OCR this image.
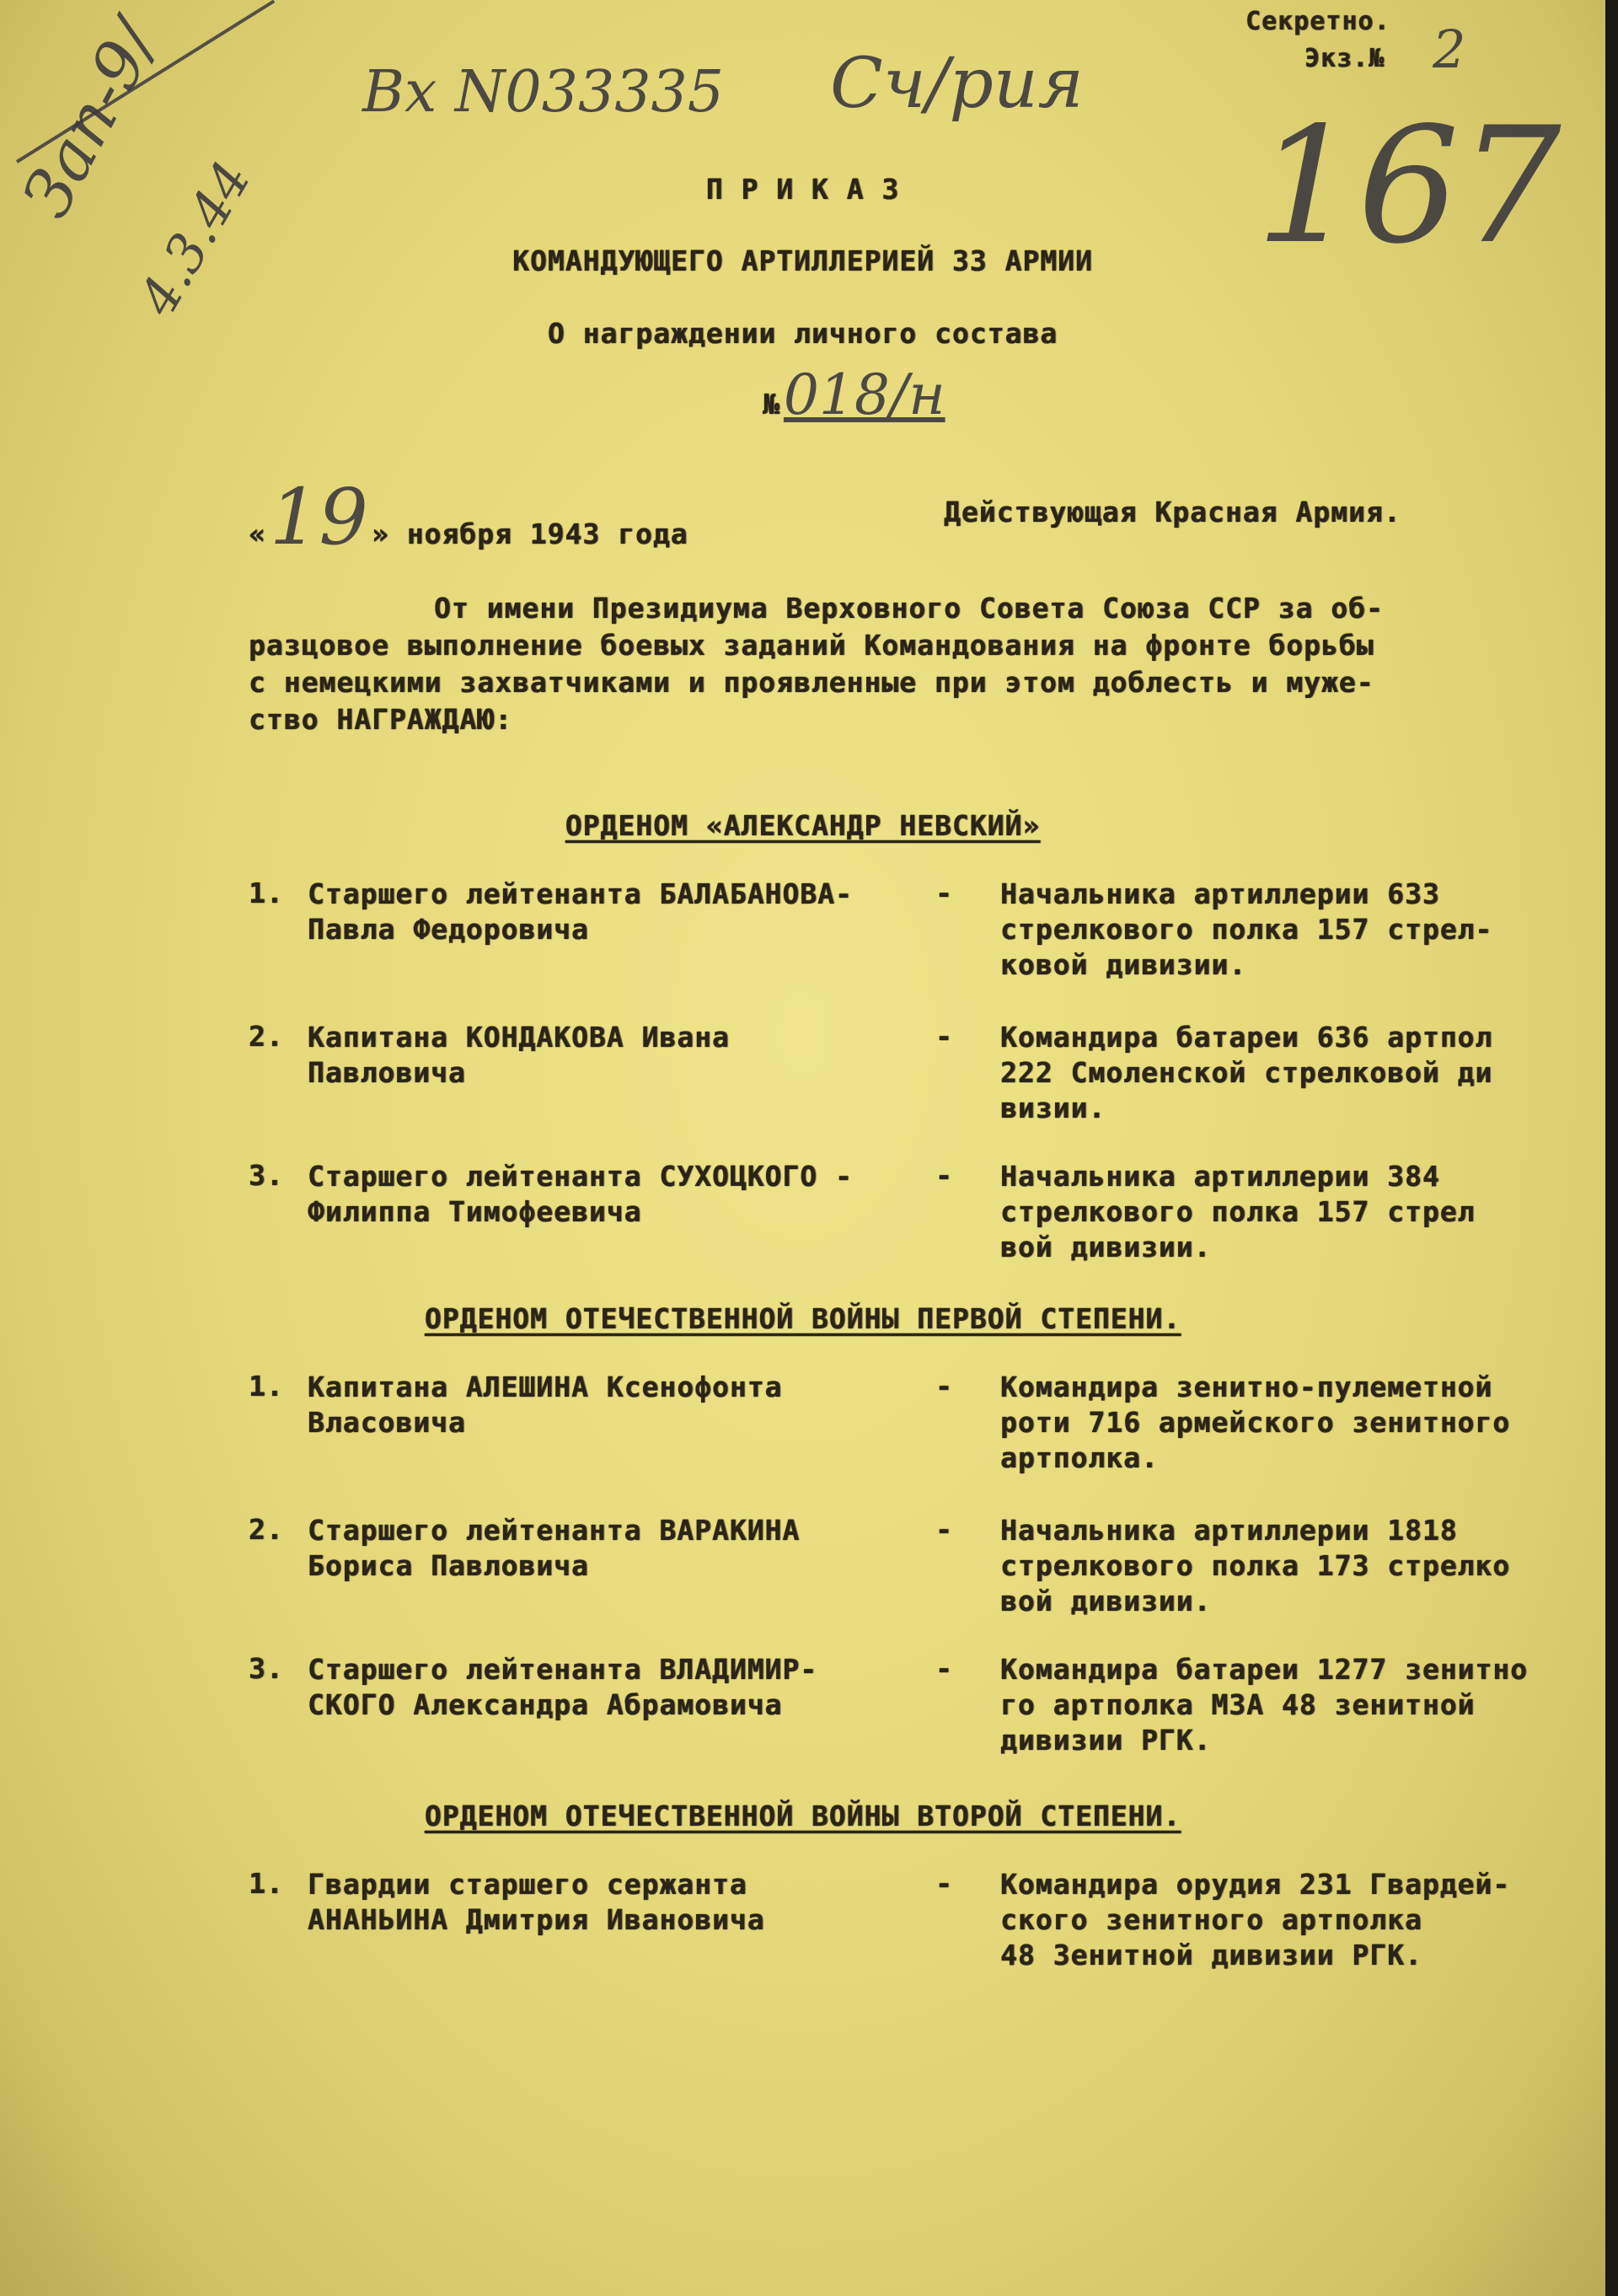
Секретно.
Экз.№ 2
Вх N033335 Сч/рия
167
Зап-9/
4.3.44	П Р И К А З
КОМАНДУЮЩЕГО АРТИЛЛЕРИЕЙ 33 АРМИИ
О награждении личного состава
№ 018/н
« 19 » ноября 1943 года
Действующая Красная Армия.
От имени Президиума Верховного Совета Союза ССР за об-
разцовое выполнение боевых заданий Командования на фронте борьбы
с немецкими захватчиками и проявленные при этом доблесть и муже-
ство НАГРАЖДАЮ:
ОРДЕНОМ «АЛЕКСАНДР НЕВСКИЙ»
1. Старшего лейтенанта БАЛАБАНОВА-
Павла Федоровича
- Начальника артиллерии 633
стрелкового полка 157 стрел-
ковой дивизии.
2. Капитана КОНДАКОВА Ивана
Павловича
- Командира батареи 636 артпол
222 Смоленской стрелковой ди
визии.
3. Старшего лейтенанта СУХОЦКОГО -
Филиппа Тимофеевича
- Начальника артиллерии 384
стрелкового полка 157 стрел
вой дивизии.
ОРДЕНОМ ОТЕЧЕСТВЕННОЙ ВОЙНЫ ПЕРВОЙ СТЕПЕНИ.
1. Капитана АЛЕШИНА Ксенофонта
Власовича
- Командира зенитно-пулеметной
роти 716 армейского зенитного
артполка.
2. Старшего лейтенанта ВАРАКИНА
Бориса Павловича
- Начальника артиллерии 1818
стрелкового полка 173 стрелко
вой дивизии.
3. Старшего лейтенанта ВЛАДИМИР-
СКОГО Александра Абрамовича
- Командира батареи 1277 зенитно
го артполка МЗА 48 зенитной
дивизии РГК.
ОРДЕНОМ ОТЕЧЕСТВЕННОЙ ВОЙНЫ ВТОРОЙ СТЕПЕНИ.
1. Гвардии старшего сержанта
АНАНЬИНА Дмитрия Ивановича
- Командира орудия 231 Гвардей-
ского зенитного артполка
48 Зенитной дивизии РГК.
